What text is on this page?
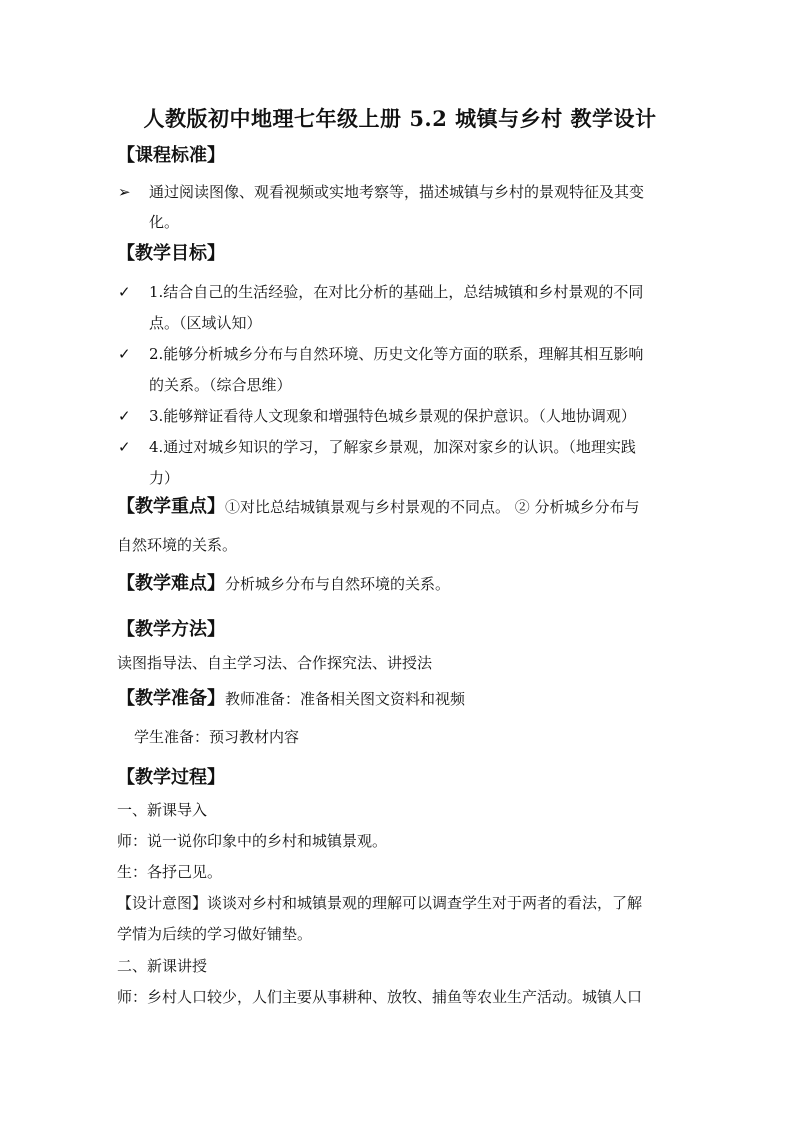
人教版初中地理七年级上册 5.2 城镇与乡村 教学设计
【课程标准】
➢ 通过阅读图像、观看视频或实地考察等，描述城镇与乡村的景观特征及其变
化。
【教学目标】
✓ 1.结合自己的生活经验，在对比分析的基础上，总结城镇和乡村景观的不同
点。（区域认知）
✓ 2.能够分析城乡分布与自然环境、历史文化等方面的联系，理解其相互影响
的关系。（综合思维）
✓ 3.能够辩证看待人文现象和增强特色城乡景观的保护意识。（人地协调观）
✓ 4.通过对城乡知识的学习，了解家乡景观，加深对家乡的认识。（地理实践
力）
【教学重点】①对比总结城镇景观与乡村景观的不同点。 ② 分析城乡分布与
自然环境的关系。
【教学难点】分析城乡分布与自然环境的关系。
【教学方法】
读图指导法、自主学习法、合作探究法、讲授法
【教学准备】教师准备：准备相关图文资料和视频
学生准备：预习教材内容
【教学过程】
一、新课导入
师：说一说你印象中的乡村和城镇景观。
生：各抒己见。
【设计意图】谈谈对乡村和城镇景观的理解可以调查学生对于两者的看法，了解
学情为后续的学习做好铺垫。
二、新课讲授
师：乡村人口较少，人们主要从事耕种、放牧、捕鱼等农业生产活动。城镇人口
